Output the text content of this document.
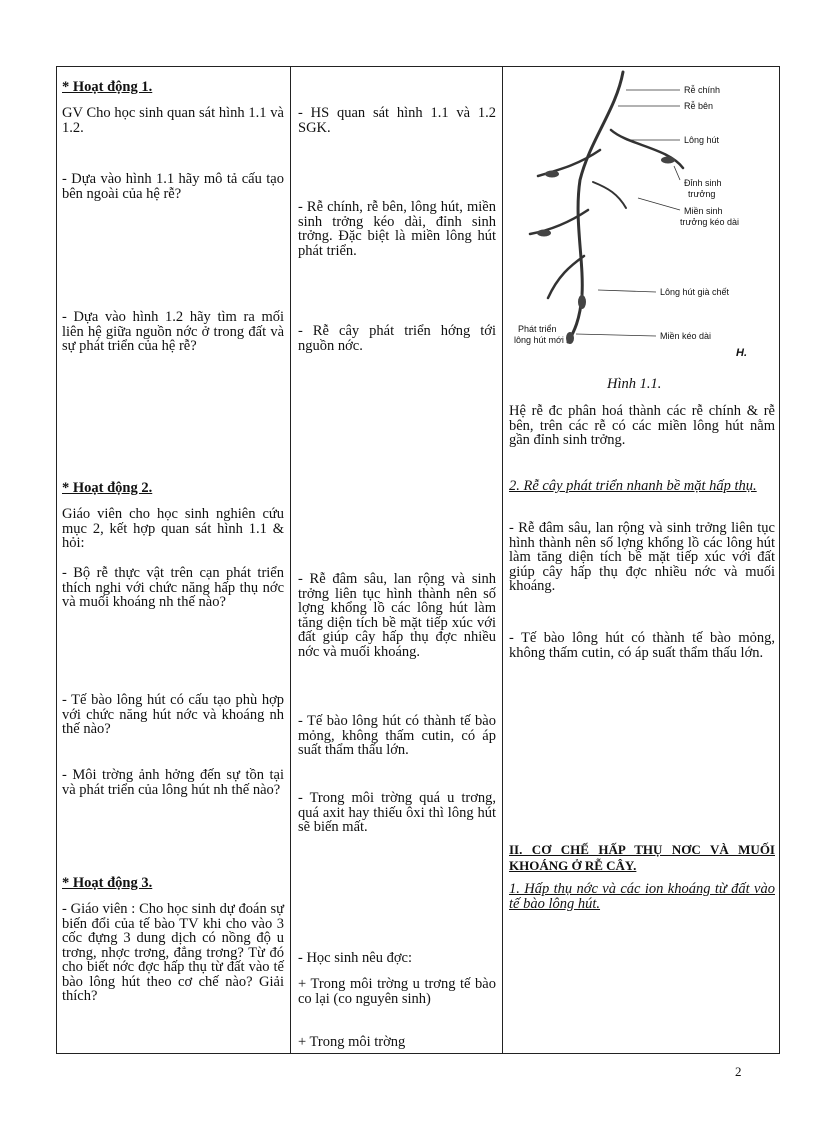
* Hoạt động 1.
GV Cho học sinh quan sát hình 1.1 và 1.2.
- Dựa vào hình 1.1 hãy mô tả cấu tạo bên ngoài của hệ rễ?
- Dựa vào hình 1.2 hãy tìm ra mối liên hệ giữa nguồn nớc ở trong đất và sự phát triển của hệ rễ?
* Hoạt động 2.
Giáo viên cho học sinh nghiên cứu mục 2, kết hợp quan sát hình 1.1 & hỏi:
- Bộ rễ thực vật trên cạn phát triển thích nghi với chức năng hấp thụ nớc và muối khoáng nh thế nào?
- Tế bào lông hút có cấu tạo phù hợp với chức năng hút nớc và khoáng nh thế nào?
- Môi trờng ảnh hởng đến sự tồn tại và phát triển của lông hút nh thế nào?
* Hoạt động 3.
- Giáo viên : Cho học sinh dự đoán sự biến đổi của tế bào TV khi cho vào 3 cốc đựng 3 dung dịch có nồng độ u trơng, nhợc trơng, đẳng trơng? Từ đó cho biết nớc đợc hấp thụ từ đất vào tế bào lông hút theo cơ chế nào? Giải thích?
- HS quan sát hình 1.1 và 1.2 SGK.
- Rễ chính, rễ bên, lông hút, miền sinh trởng kéo dài, đỉnh sinh trởng. Đặc biệt là miền lông hút phát triển.
- Rễ cây phát triển hớng tới nguồn nớc.
- Rễ đâm sâu, lan rộng và sinh trởng liên tục hình thành nên số lợng khổng lồ các lông hút làm tăng diện tích bề mặt tiếp xúc với đất giúp cây hấp thụ đợc nhiều nớc và muối khoáng.
- Tế bào lông hút có thành tế bào mỏng, không thấm cutin, có áp suất thẩm thấu lớn.
- Trong môi trờng quá u trơng, quá axit hay thiếu ôxi thì lông hút sẽ biến mất.
- Học sinh nêu đợc:
+ Trong môi trờng u trơng tế bào co lại (co nguyên sinh)
+ Trong môi trờng
Rễ chính
Rễ bên
Lông hút
Đỉnh sinh
trưởng
Miền sinh
trưởng kéo dài
Lông hút già chết
Phát triển
lông hút mới	Miền kéo dài
H.
Hình 1.1.
Hệ rễ đc phân hoá thành các rễ chính & rễ bên, trên các rễ có các miền lông hút nằm gần đỉnh sinh trởng.
2. Rễ cây phát triển nhanh bề mặt hấp thụ.
- Rễ đâm sâu, lan rộng và sinh trởng liên tục hình thành nên số lợng khổng lồ các lông hút làm tăng diện tích bề mặt tiếp xúc với đất giúp cây hấp thụ đợc nhiều nớc và muối khoáng.
- Tế bào lông hút có thành tế bào mỏng, không thấm cutin, có áp suất thẩm thấu lớn.
II. CƠ CHẾ HẤP THỤ NƠC VÀ MUỐI KHOÁNG Ở RỄ CÂY.
1. Hấp thụ nớc và các ion khoáng từ đất vào tế bào lông hút.
2
